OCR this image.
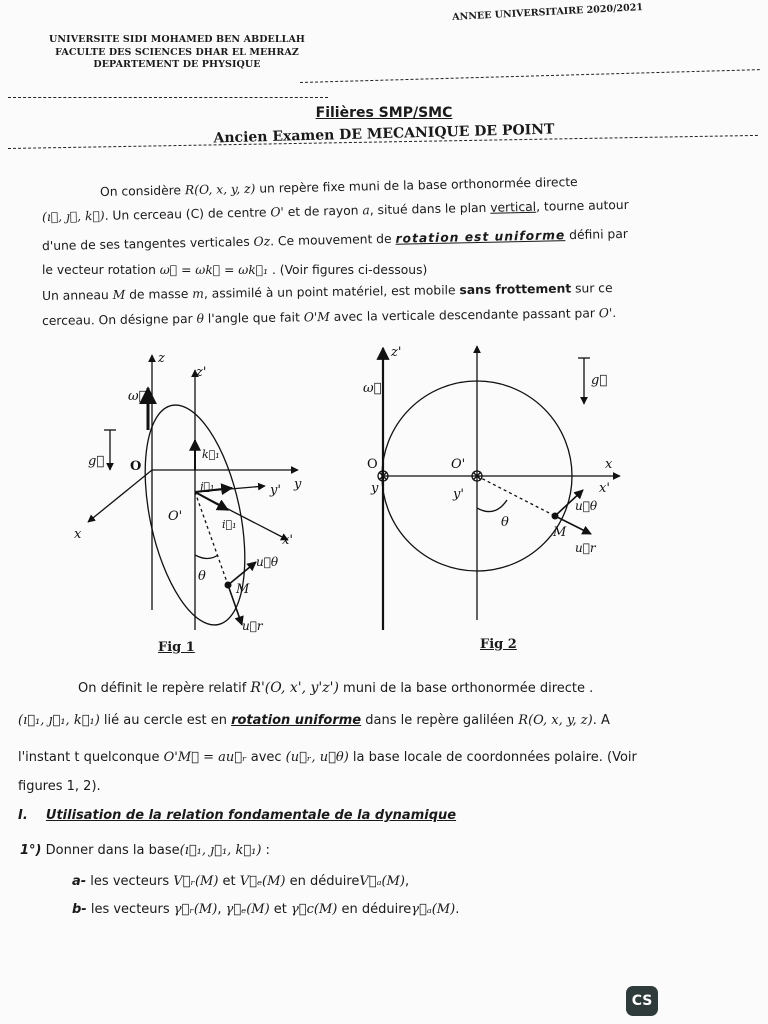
UNIVERSITE SIDI MOHAMED BEN ABDELLAH
FACULTE DES SCIENCES DHAR EL MEHRAZ
DEPARTEMENT DE PHYSIQUE
ANNEE UNIVERSITAIRE 2020/2021
Filières SMP/SMC
Ancien Examen DE MECANIQUE DE POINT
On considère R(O, x, y, z) un repère fixe muni de la base orthonormée directe
(ı⃗, ȷ⃗, k⃗). Un cerceau (C) de centre O' et de rayon a, situé dans le plan vertical, tourne autour
d'une de ses tangentes verticales Oz. Ce mouvement de rotation est uniforme défini par
le vecteur rotation ω⃗ = ωk⃗ = ωk⃗₁ . (Voir figures ci-dessous)
Un anneau M de masse m, assimilé à un point matériel, est mobile sans frottement sur ce
cerceau. On désigne par θ l'angle que fait O'M avec la verticale descendante passant par O'.
z
z'
ω⃗
g⃗ O
k⃗₁
j⃗₁	y' y
O'
x
i⃗₁
x'
u⃗θ
θ
M
u⃗r
Fig 1
z'
ω⃗
g⃗
O
y
O'
y'
x
x'
u⃗θ
θ
M
u⃗r
Fig 2
On définit le repère relatif R'(O, x', y'z') muni de la base orthonormée directe .
(ı⃗₁, ȷ⃗₁, k⃗₁) lié au cercle est en rotation uniforme dans le repère galiléen R(O, x, y, z). A
l'instant t quelconque O'M⃗ = au⃗ᵣ avec (u⃗ᵣ, u⃗θ) la base locale de coordonnées polaire. (Voir
figures 1, 2).
I. Utilisation de la relation fondamentale de la dynamique
1°) Donner dans la base(ı⃗₁, ȷ⃗₁, k⃗₁) :
a- les vecteurs V⃗ᵣ(M) et V⃗ₑ(M) en déduireV⃗ₐ(M),
b- les vecteurs γ⃗ᵣ(M), γ⃗ₑ(M) et γ⃗c(M) en déduireγ⃗ₐ(M).
CS
